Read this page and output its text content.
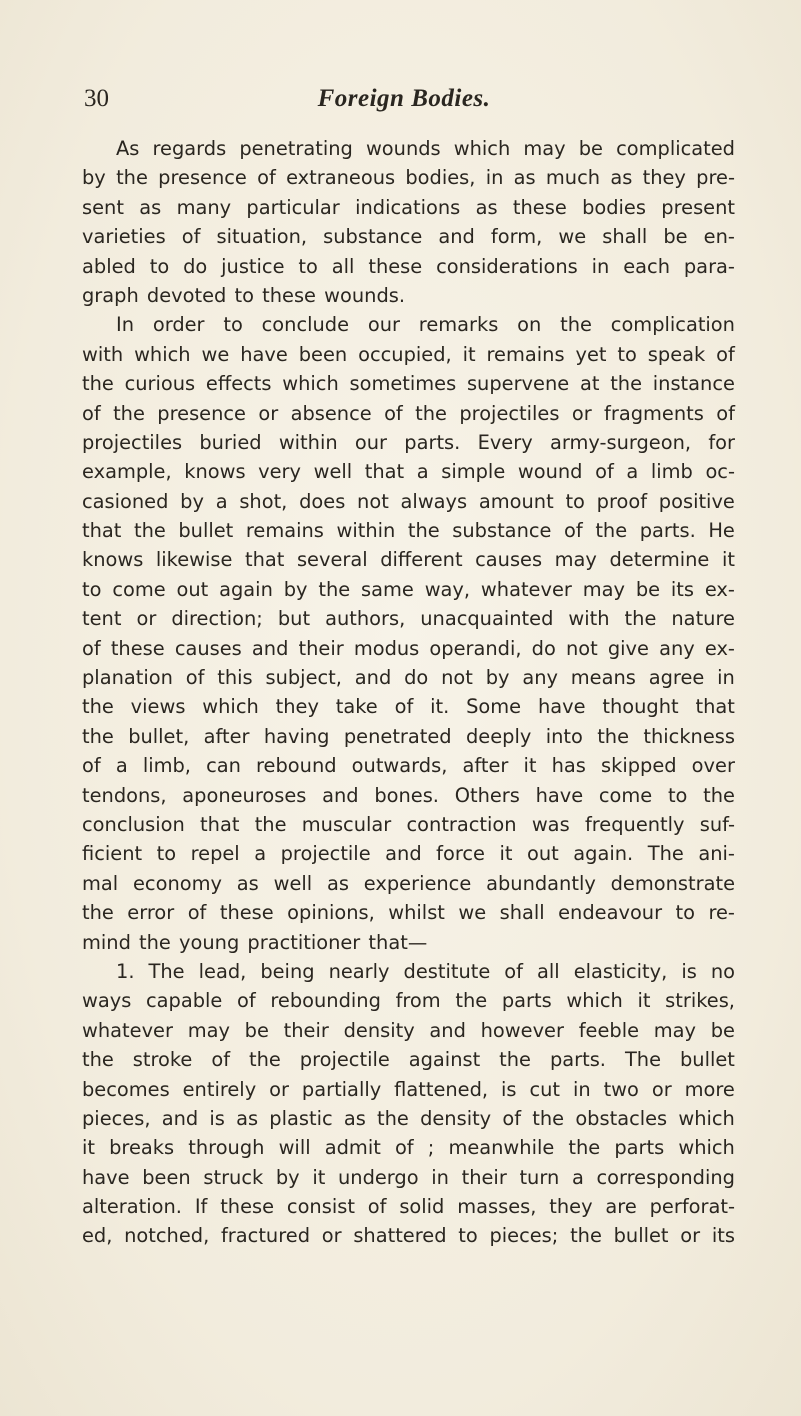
30	Foreign Bodies.
As regards penetrating wounds which may be complicated
by the presence of extraneous bodies, in as much as they pre-
sent as many particular indications as these bodies present
varieties of situation, substance and form, we shall be en-
abled to do justice to all these considerations in each para-
graph devoted to these wounds.
In order to conclude our remarks on the complication
with which we have been occupied, it remains yet to speak of
the curious effects which sometimes supervene at the instance
of the presence or absence of the projectiles or fragments of
projectiles buried within our parts. Every army-surgeon, for
example, knows very well that a simple wound of a limb oc-
casioned by a shot, does not always amount to proof positive
that the bullet remains within the substance of the parts. He
knows likewise that several different causes may determine it
to come out again by the same way, whatever may be its ex-
tent or direction; but authors, unacquainted with the nature
of these causes and their modus operandi, do not give any ex-
planation of this subject, and do not by any means agree in
the views which they take of it. Some have thought that
the bullet, after having penetrated deeply into the thickness
of a limb, can rebound outwards, after it has skipped over
tendons, aponeuroses and bones. Others have come to the
conclusion that the muscular contraction was frequently suf-
ficient to repel a projectile and force it out again. The ani-
mal economy as well as experience abundantly demonstrate
the error of these opinions, whilst we shall endeavour to re-
mind the young practitioner that—
1. The lead, being nearly destitute of all elasticity, is no
ways capable of rebounding from the parts which it strikes,
whatever may be their density and however feeble may be
the stroke of the projectile against the parts. The bullet
becomes entirely or partially flattened, is cut in two or more
pieces, and is as plastic as the density of the obstacles which
it breaks through will admit of ; meanwhile the parts which
have been struck by it undergo in their turn a corresponding
alteration. If these consist of solid masses, they are perforat-
ed, notched, fractured or shattered to pieces; the bullet or its
